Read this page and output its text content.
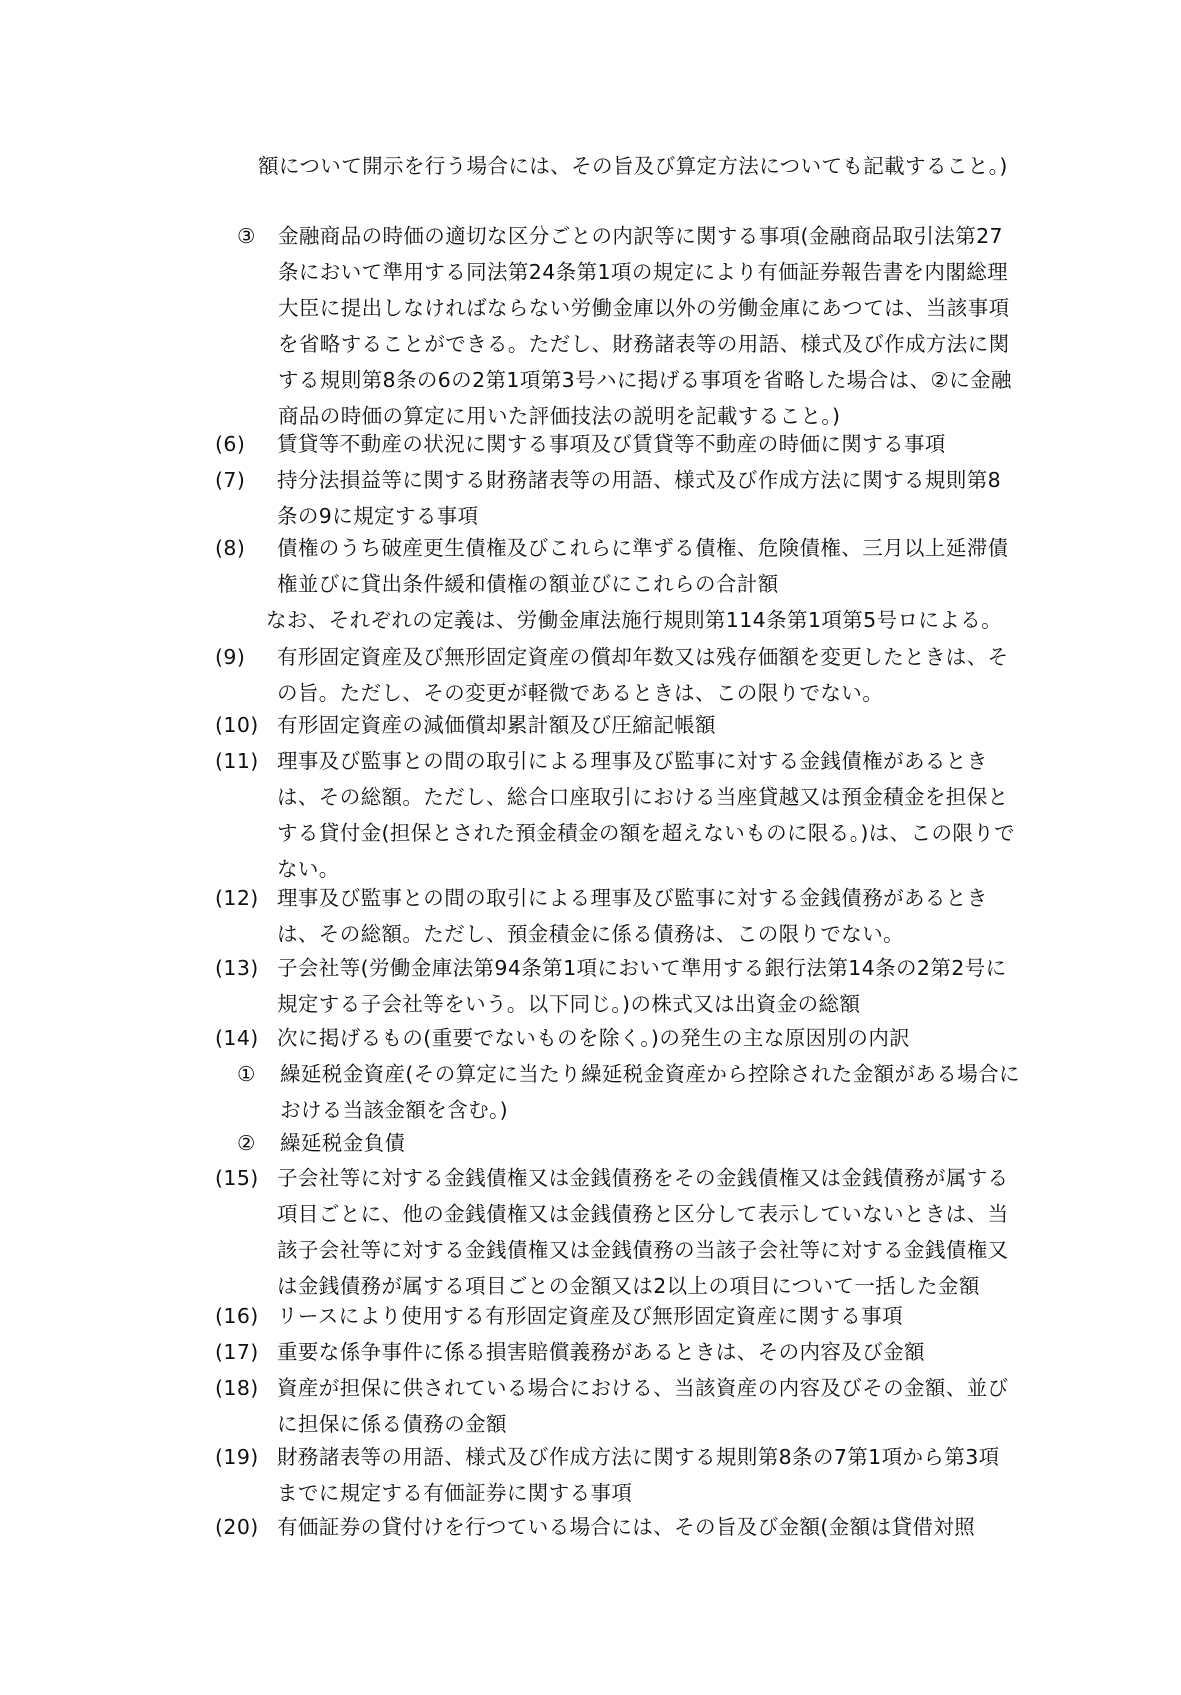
額について開示を行う場合には、その旨及び算定方法についても記載すること。)
③ 金融商品の時価の適切な区分ごとの内訳等に関する事項(金融商品取引法第27条において準用する同法第24条第1項の規定により有価証券報告書を内閣総理大臣に提出しなければならない労働金庫以外の労働金庫にあつては、当該事項を省略することができる。ただし、財務諸表等の用語、様式及び作成方法に関する規則第8条の6の2第1項第3号ハに掲げる事項を省略した場合は、②に金融商品の時価の算定に用いた評価技法の説明を記載すること。)
(6) 賃貸等不動産の状況に関する事項及び賃貸等不動産の時価に関する事項
(7) 持分法損益等に関する財務諸表等の用語、様式及び作成方法に関する規則第8条の9に規定する事項
(8) 債権のうち破産更生債権及びこれらに準ずる債権、危険債権、三月以上延滞債権並びに貸出条件緩和債権の額並びにこれらの合計額
なお、それぞれの定義は、労働金庫法施行規則第114条第1項第5号ロによる。
(9) 有形固定資産及び無形固定資産の償却年数又は残存価額を変更したときは、その旨。ただし、その変更が軽微であるときは、この限りでない。
(10) 有形固定資産の減価償却累計額及び圧縮記帳額
(11) 理事及び監事との間の取引による理事及び監事に対する金銭債権があるときは、その総額。ただし、総合口座取引における当座貸越又は預金積金を担保とする貸付金(担保とされた預金積金の額を超えないものに限る。)は、この限りでない。
(12) 理事及び監事との間の取引による理事及び監事に対する金銭債務があるときは、その総額。ただし、預金積金に係る債務は、この限りでない。
(13) 子会社等(労働金庫法第94条第1項において準用する銀行法第14条の2第2号に規定する子会社等をいう。以下同じ。)の株式又は出資金の総額
(14) 次に掲げるもの(重要でないものを除く。)の発生の主な原因別の内訳
① 繰延税金資産(その算定に当たり繰延税金資産から控除された金額がある場合における当該金額を含む。)
② 繰延税金負債
(15) 子会社等に対する金銭債権又は金銭債務をその金銭債権又は金銭債務が属する項目ごとに、他の金銭債権又は金銭債務と区分して表示していないときは、当該子会社等に対する金銭債権又は金銭債務の当該子会社等に対する金銭債権又は金銭債務が属する項目ごとの金額又は2以上の項目について一括した金額
(16) リースにより使用する有形固定資産及び無形固定資産に関する事項
(17) 重要な係争事件に係る損害賠償義務があるときは、その内容及び金額
(18) 資産が担保に供されている場合における、当該資産の内容及びその金額、並びに担保に係る債務の金額
(19) 財務諸表等の用語、様式及び作成方法に関する規則第8条の7第1項から第3項までに規定する有価証券に関する事項
(20) 有価証券の貸付けを行つている場合には、その旨及び金額(金額は貸借対照
